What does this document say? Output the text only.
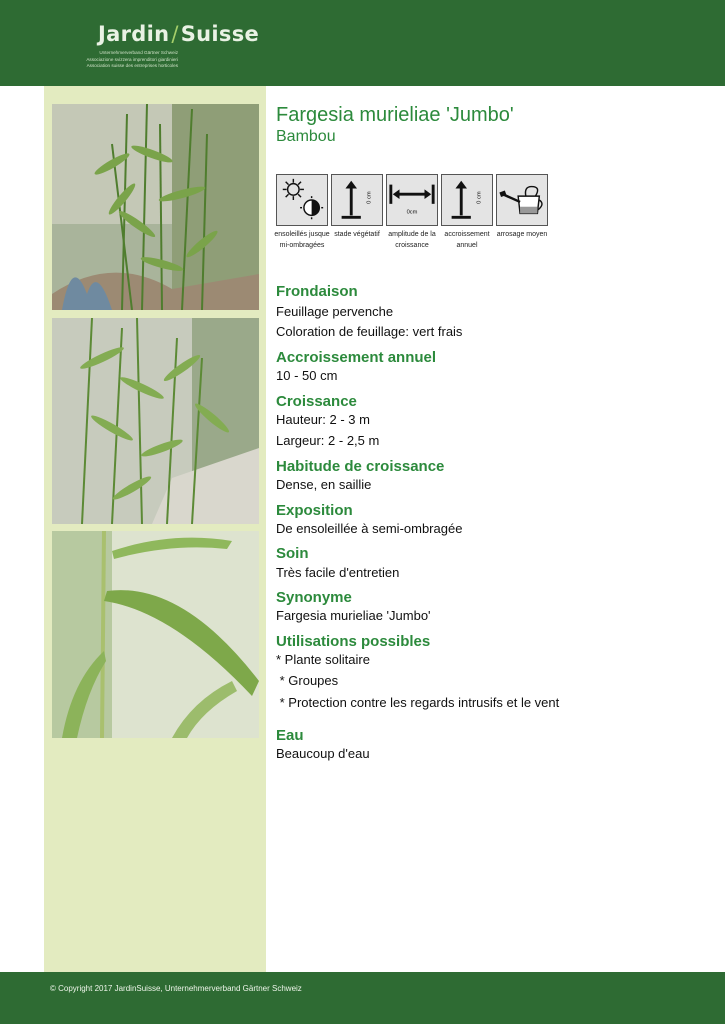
Jardin/Suisse
Unternehmerverband Gärtner Schweiz
Associazione svizzera imprenditori giardinieri
Association suisse des entreprises horticoles
Fargesia murieliae 'Jumbo'
Bambou
ensoleillés jusque mi-ombragées
0 cm
stade végétatif
0cm
amplitude de la croissance
0 cm
accroissement annuel
arrosage moyen
Frondaison
Feuillage pervenche
Coloration de feuillage: vert frais
Accroissement annuel
10 - 50 cm
Croissance
Hauteur: 2 - 3 m
Largeur: 2 - 2,5 m
Habitude de croissance
Dense, en saillie
Exposition
De ensoleillée à semi-ombragée
Soin
Très facile d'entretien
Synonyme
Fargesia murieliae 'Jumbo'
Utilisations possibles
* Plante solitaire
* Groupes
* Protection contre les regards intrusifs et le vent
Eau
Beaucoup d'eau
© Copyright 2017 JardinSuisse, Unternehmerverband Gärtner Schweiz
